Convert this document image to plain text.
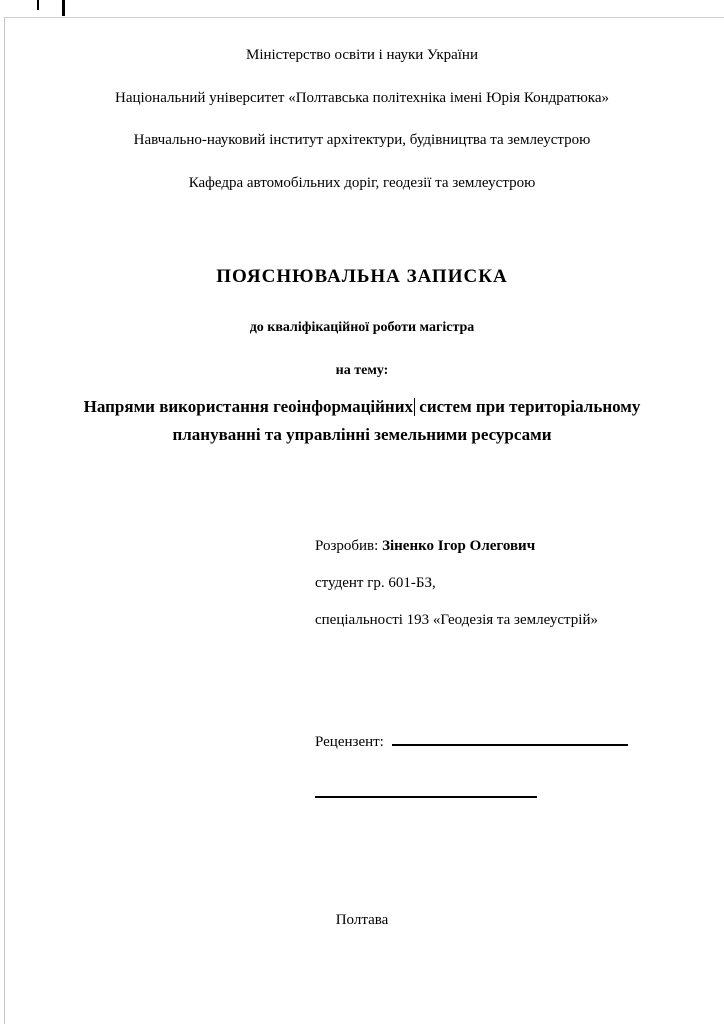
Міністерство освіти і науки України

Національний університет «Полтавська політехніка імені Юрія Кондратюка»

Навчально-науковий інститут архітектури, будівництва та землеустрою

Кафедра автомобільних доріг, геодезії та землеустрою

ПОЯСНЮВАЛЬНА ЗАПИСКА

до кваліфікаційної роботи магістра

на тему:

Напрями використання геоінформаційних систем при територіальному плануванні та управлінні земельними ресурсами

Розробив: Зіненко Ігор Олегович

студент гр. 601-БЗ,

спеціальності 193 «Геодезія та землеустрій»

Рецензент:

Полтава
